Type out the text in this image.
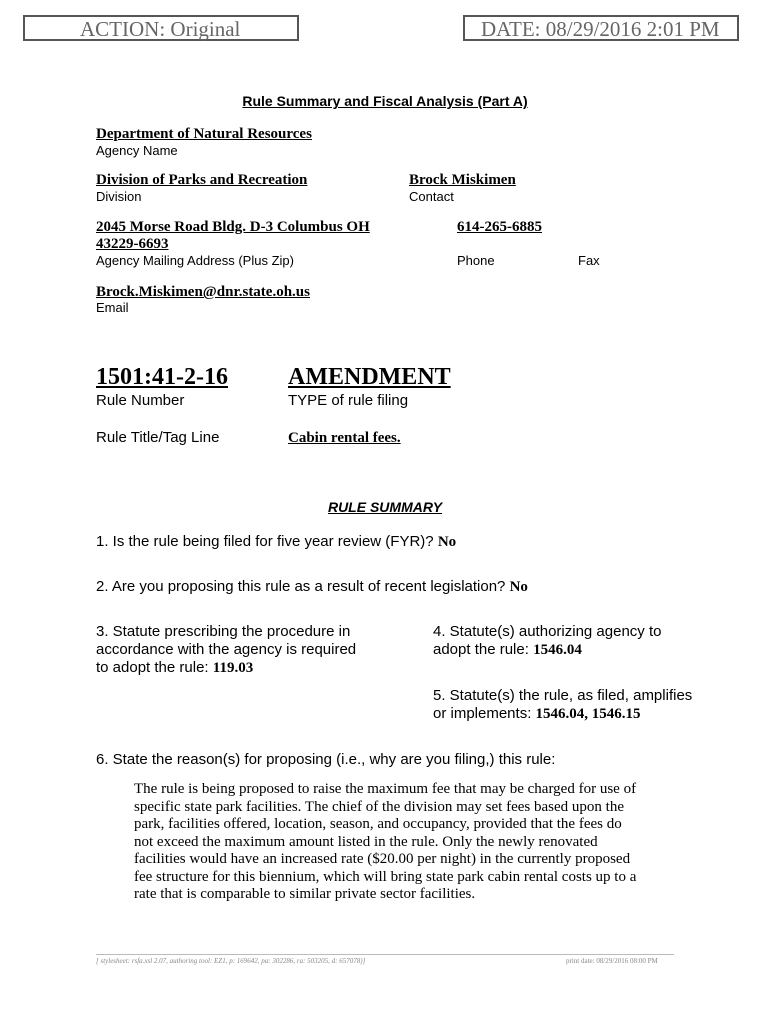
ACTION: Original	DATE: 08/29/2016 2:01 PM
Rule Summary and Fiscal Analysis (Part A)
Department of Natural Resources
Agency Name
Division of Parks and Recreation
Division
Brock Miskimen
Contact
2045 Morse Road Bldg. D-3 Columbus OH
43229-6693
Agency Mailing Address (Plus Zip)
614-265-6885
Phone	Fax
Brock.Miskimen@dnr.state.oh.us
Email
1501:41-2-16
Rule Number
AMENDMENT
TYPE of rule filing
Rule Title/Tag Line	Cabin rental fees.
RULE SUMMARY
1. Is the rule being filed for five year review (FYR)? No
2. Are you proposing this rule as a result of recent legislation? No
3. Statute prescribing the procedure in
accordance with the agency is required
to adopt the rule: 119.03
4. Statute(s) authorizing agency to
adopt the rule: 1546.04
5. Statute(s) the rule, as filed, amplifies
or implements: 1546.04, 1546.15
6. State the reason(s) for proposing (i.e., why are you filing,) this rule:
The rule is being proposed to raise the maximum fee that may be charged for use of
specific state park facilities. The chief of the division may set fees based upon the
park, facilities offered, location, season, and occupancy, provided that the fees do
not exceed the maximum amount listed in the rule. Only the newly renovated
facilities would have an increased rate ($20.00 per night) in the currently proposed
fee structure for this biennium, which will bring state park cabin rental costs up to a
rate that is comparable to similar private sector facilities.
[ stylesheet: rsfa.xsl 2.07, authoring tool: EZ1, p: 169642, pa: 302286, ra: 503205, d: 657078)]	print date: 08/29/2016 08:00 PM
